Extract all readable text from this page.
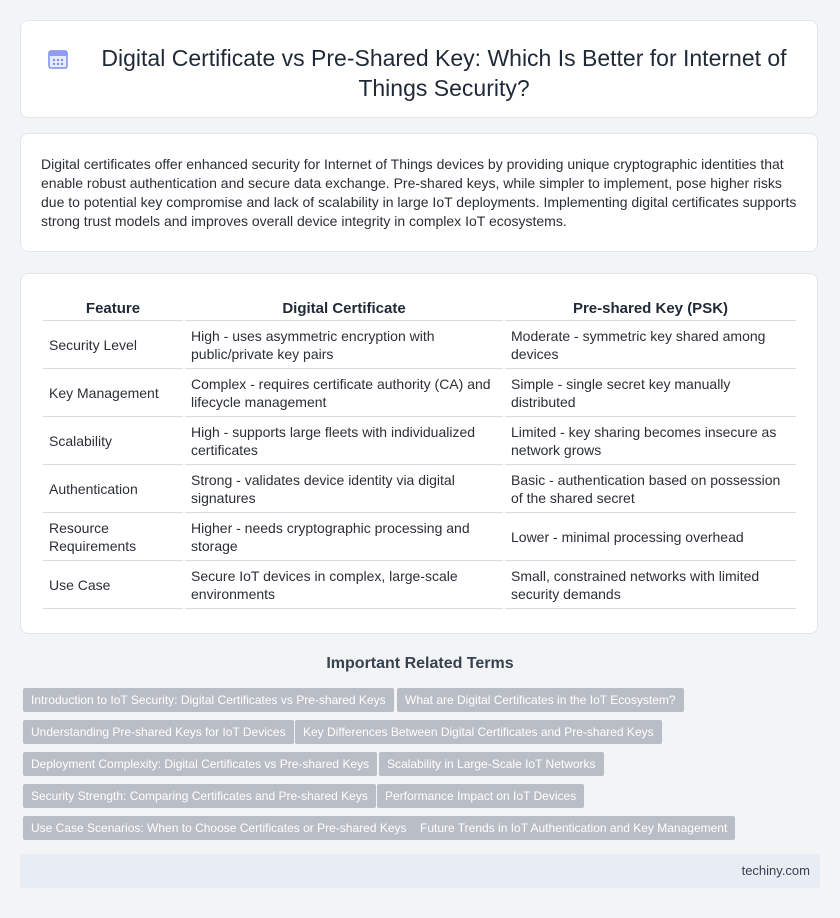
Digital Certificate vs Pre-Shared Key: Which Is Better for Internet of Things Security?

Digital certificates offer enhanced security for Internet of Things devices by providing unique cryptographic identities that enable robust authentication and secure data exchange. Pre-shared keys, while simpler to implement, pose higher risks due to potential key compromise and lack of scalability in large IoT deployments. Implementing digital certificates supports strong trust models and improves overall device integrity in complex IoT ecosystems.

Feature	Digital Certificate	Pre-shared Key (PSK)
Security Level	High - uses asymmetric encryption with public/private key pairs	Moderate - symmetric key shared among devices
Key Management	Complex - requires certificate authority (CA) and lifecycle management	Simple - single secret key manually distributed
Scalability	High - supports large fleets with individualized certificates	Limited - key sharing becomes insecure as network grows
Authentication	Strong - validates device identity via digital signatures	Basic - authentication based on possession of the shared secret
Resource Requirements	Higher - needs cryptographic processing and storage	Lower - minimal processing overhead
Use Case	Secure IoT devices in complex, large-scale environments	Small, constrained networks with limited security demands
Important Related Terms
Introduction to IoT Security: Digital Certificates vs Pre-shared Keys	What are Digital Certificates in the IoT Ecosystem?
Understanding Pre-shared Keys for IoT Devices	Key Differences Between Digital Certificates and Pre-shared Keys
Deployment Complexity: Digital Certificates vs Pre-shared Keys	Scalability in Large-Scale IoT Networks
Security Strength: Comparing Certificates and Pre-shared Keys	Performance Impact on IoT Devices
Use Case Scenarios: When to Choose Certificates or Pre-shared Keys	Future Trends in IoT Authentication and Key Management
techiny.com
